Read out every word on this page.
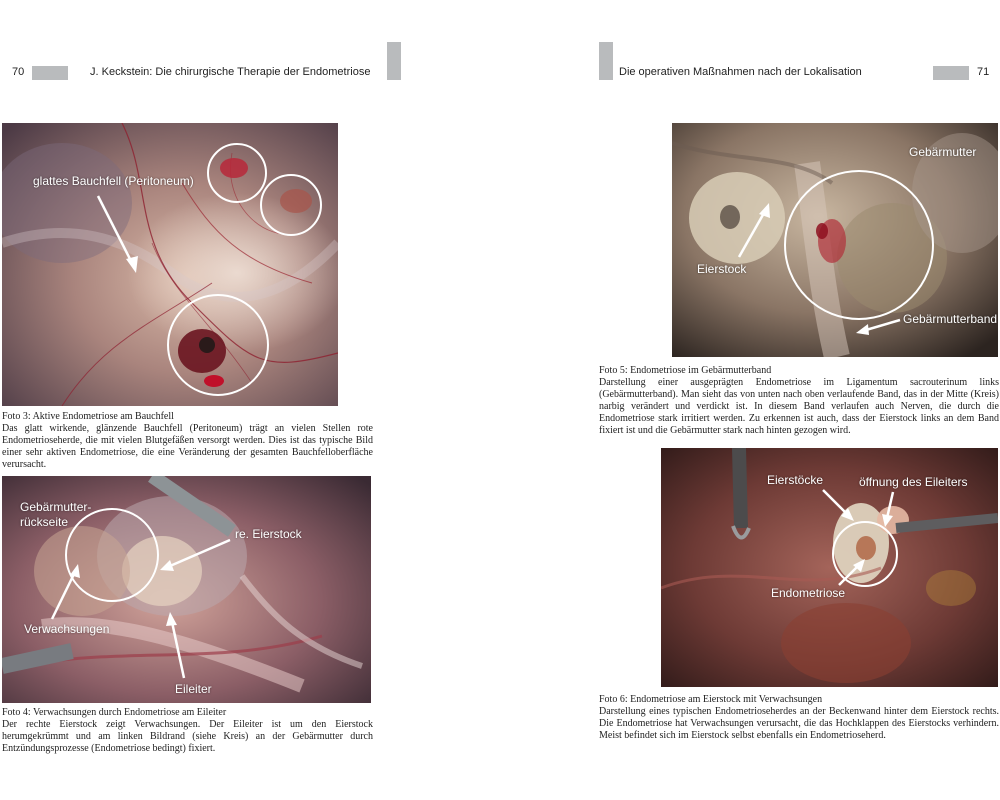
70	J. Keckstein: Die chirurgische Therapie der Endometriose	Die operativen Maßnahmen nach der Lokalisation	71
glattes Bauchfell (Peritoneum)
Foto 3: Aktive Endometriose am Bauchfell
Das glatt wirkende, glänzende Bauchfell (Peritoneum) trägt an vielen Stellen rote Endometrioseherde, die mit vielen Blutgefäßen versorgt werden. Dies ist das typische Bild einer sehr aktiven Endometriose, die eine Veränderung der gesamten Bauchfelloberfläche verursacht.
Gebärmutter-
rückseite
re. Eierstock
Verwachsungen
Eileiter
Foto 4: Verwachsungen durch Endometriose am Eileiter
Der rechte Eierstock zeigt Verwachsungen. Der Eileiter ist um den Eierstock herumgekrümmt und am linken Bildrand (siehe Kreis) an der Gebärmutter durch Entzündungsprozesse (Endometriose bedingt) fixiert.
Gebärmutter
Eierstock
Gebärmutterband
Foto 5: Endometriose im Gebärmutterband
Darstellung einer ausgeprägten Endometriose im Ligamentum sacrouterinum links (Gebärmutterband). Man sieht das von unten nach oben verlaufende Band, das in der Mitte (Kreis) narbig verändert und verdickt ist. In diesem Band verlaufen auch Nerven, die durch die Endometriose stark irritiert werden. Zu erkennen ist auch, dass der Eierstock links an dem Band fixiert ist und die Gebärmutter stark nach hinten gezogen wird.
Eierstöcke	öffnung des Eileiters
Endometriose
Foto 6: Endometriose am Eierstock mit Verwachsungen
Darstellung eines typischen Endometrioseherdes an der Beckenwand hinter dem Eierstock rechts. Die Endometriose hat Verwachsungen verursacht, die das Hochklappen des Eierstocks verhindern. Meist befindet sich im Eierstock selbst ebenfalls ein Endometrioseherd.
